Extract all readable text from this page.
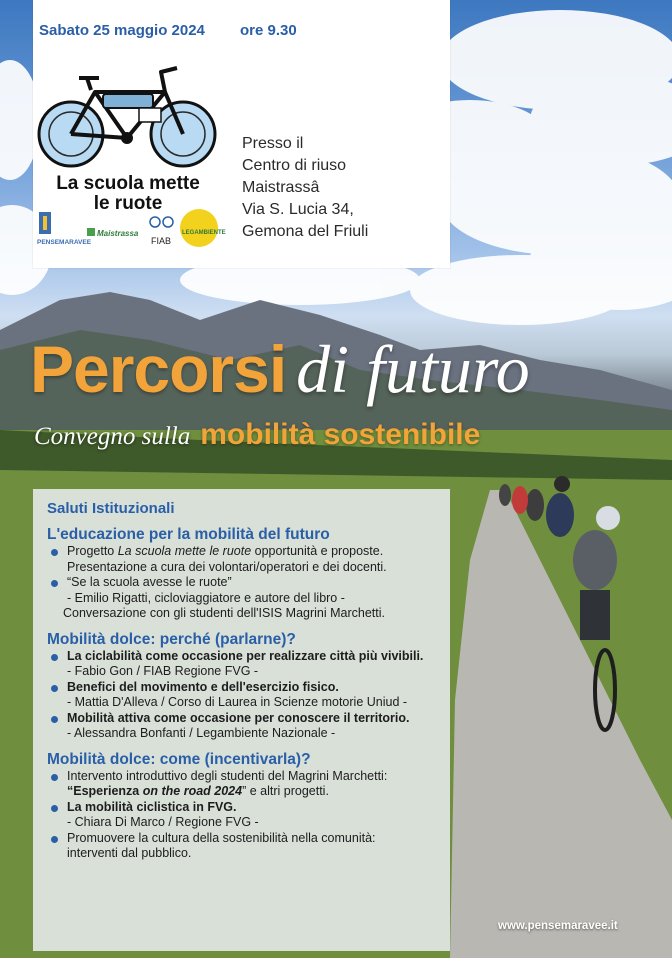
Sabato 25 maggio 2024 ore 9.30
La scuola mette
le ruote
PENSEMARAVEE
Maistrassa
FIAB
LEGAMBIENTE
Presso il
Centro di riuso
Maistrassâ
Via S. Lucia 34,
Gemona del Friuli
Percorsi di futuro
Convegno sulla mobilità sostenibile
Saluti Istituzionali
L'educazione per la mobilità del futuro
Progetto La scuola mette le ruote opportunità e proposte.
Presentazione a cura dei volontari/operatori e dei docenti.
“Se la scuola avesse le ruote”
- Emilio Rigatti, cicloviaggiatore e autore del libro -
Conversazione con gli studenti dell'ISIS Magrini Marchetti.
Mobilità dolce: perché (parlarne)?
La ciclabilità come occasione per realizzare città più vivibili.
- Fabio Gon / FIAB Regione FVG -
Benefici del movimento e dell'esercizio fisico.
- Mattia D'Alleva / Corso di Laurea in Scienze motorie Uniud -
Mobilità attiva come occasione per conoscere il territorio.
- Alessandra Bonfanti / Legambiente Nazionale -
Mobilità dolce: come (incentivarla)?
Intervento introduttivo degli studenti del Magrini Marchetti:
“Esperienza on the road 2024” e altri progetti.
La mobilità ciclistica in FVG.
- Chiara Di Marco / Regione FVG -
Promuovere la cultura della sostenibilità nella comunità:
interventi dal pubblico.
www.pensemaravee.it
